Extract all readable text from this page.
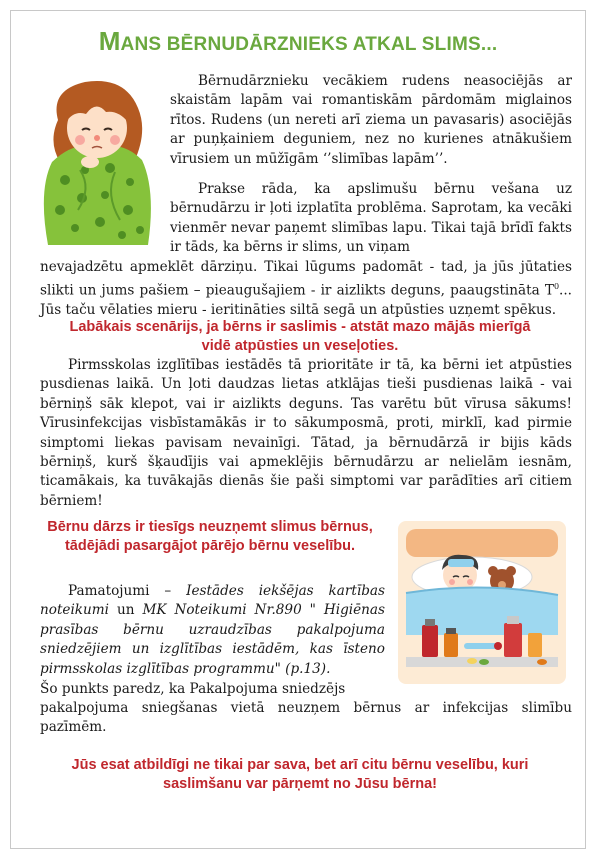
MANS BĒRNUDĀRZNIEKS ATKAL SLIMS...
Bērnudārznieku vecākiem rudens neasociējās ar skaistām lapām vai romantiskām pārdomām miglainos rītos. Rudens (un nereti arī ziema un pavasaris) asociējās ar puņķainiem deguniem, nez no kurienes atnākušiem vīrusiem un mūžīgām ‘’slimības lapām’’.
Prakse rāda, ka apslimušu bērnu vešana uz bērnudārzu ir ļoti izplatīta problēma. Saprotam, ka vecāki vienmēr nevar paņemt slimības lapu. Tikai tajā brīdī fakts ir tāds, ka bērns ir slims, un viņam
nevajadzētu apmeklēt dārziņu. Tikai lūgums padomāt - tad, ja jūs jūtaties slikti un jums pašiem – pieaugušajiem - ir aizlikts deguns, paaugstināta $T^0$... Jūs taču vēlaties mieru - ieritināties siltā segā un atpūsties uzņemt spēkus.
Labākais scenārijs, ja bērns ir saslimis - atstāt mazo mājās mierīgā vidē atpūsties un veseļoties.
Pirmsskolas izglītības iestādēs tā prioritāte ir tā, ka bērni iet atpūsties pusdienas laikā. Un ļoti daudzas lietas atklājas tieši pusdienas laikā - vai bērniņš sāk klepot, vai ir aizlikts deguns. Tas varētu būt vīrusa sākums! Vīrusinfekcijas visbīstamākās ir to sākumposmā, proti, mirklī, kad pirmie simptomi liekas pavisam nevainīgi. Tātad, ja bērnudārzā ir bijis kāds bērniņš, kurš šķaudījis vai apmeklējis bērnudārzu ar nelielām iesnām, ticamākais, ka tuvākajās dienās šie paši simptomi var parādīties arī citiem bērniem!
Bērnu dārzs ir tiesīgs neuzņemt slimus bērnus, tādējādi pasargājot pārējo bērnu veselību.
Pamatojumi – Iestādes iekšējas kartības noteikumi un MK Noteikumi Nr.890 " Higiēnas prasības bērnu uzraudzības pakalpojuma sniedzējiem un izglītības iestādēm, kas īsteno pirmsskolas izglītības programmu" (p.13).
Šo punkts paredz, ka Pakalpojuma sniedzējs
pakalpojuma sniegšanas vietā neuzņem bērnus ar infekcijas slimību pazīmēm.
Jūs esat atbildīgi ne tikai par sava, bet arī citu bērnu veselību, kuri saslimšanu var pārņemt no Jūsu bērna!
